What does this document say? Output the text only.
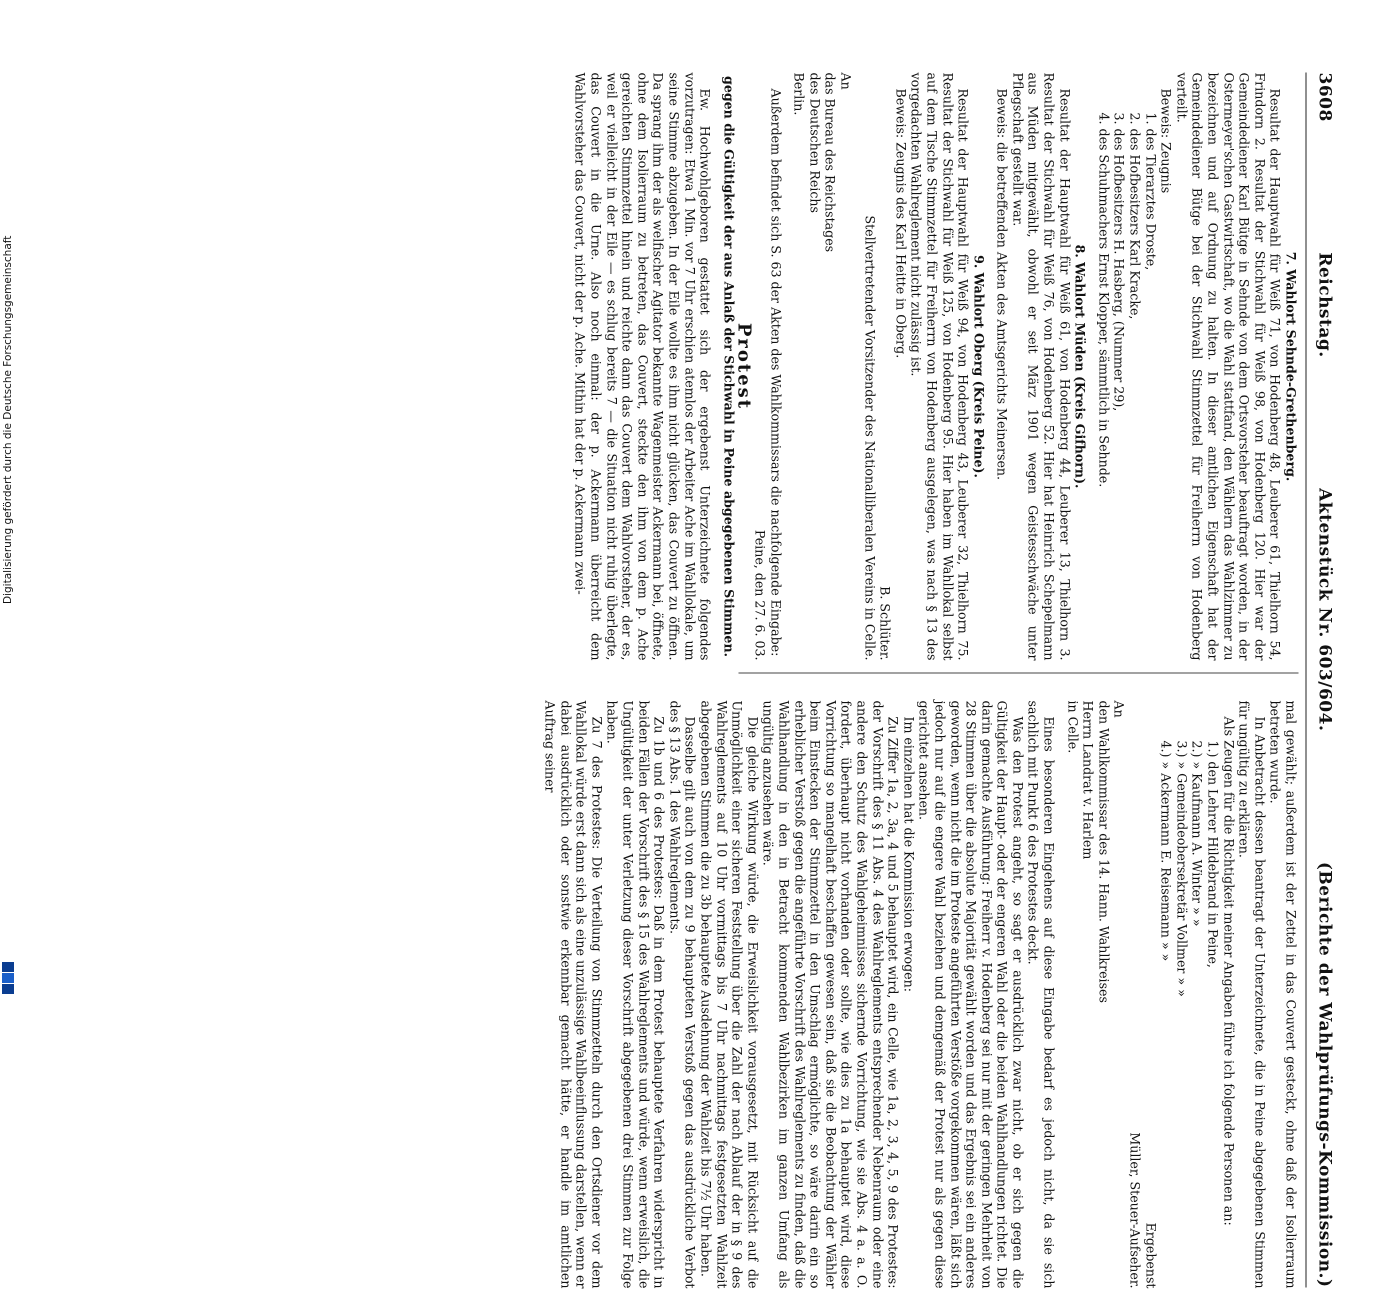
3608
Reichstag.
Aktenstück Nr. 603/604.
(Berichte der Wahlprüfungs-Kommission.)

7. Wahlort Sehnde-Grethenberg.

Resultat der Hauptwahl für Weiß 71, von Hodenberg 48, Leuberer 61, Thielhorn 54, Frindorn 2. Resultat der Stichwahl für Weiß 98, von Hodenberg 120. Hier war der Gemeindediener Karl Bütge in Sehnde von dem Ortsvorsteher beauftragt worden, in der Ostermeyer'schen Gastwirtschaft, wo die Wahl stattfand, den Wählern das Wahlzimmer zu bezeichnen und auf Ordnung zu halten. In dieser amtlichen Eigenschaft hat der Gemeindediener Bütge bei der Stichwahl Stimmzettel für Freiherrn von Hodenberg verteilt.

Beweis: Zeugnis

1. des Tierarztes Droste,

2. des Hofbesitzers Karl Kracke,

3. des Hofbesitzers H. Hasberg, (Nummer 29),

4. des Schuhmachers Ernst Klopper, sämmtlich in Sehnde.

8. Wahlort Müden (Kreis Gifhorn).

Resultat der Hauptwahl für Weiß 61, von Hodenberg 44, Leuberer 13, Thielhorn 3. Resultat der Stichwahl für Weiß 76, von Hodenberg 52. Hier hat Heinrich Schepelmann aus Müden mitgewählt, obwohl er seit März 1901 wegen Geistesschwäche unter Pflegschaft gestellt war.

Beweis: die betreffenden Akten des Amtsgerichts Meinersen.

9. Wahlort Oberg (Kreis Peine).

Resultat der Hauptwahl für Weiß 94, von Hodenberg 43, Leuberer 32, Thielhorn 75. Resultat der Stichwahl für Weiß 125, von Hodenberg 95. Hier haben im Wahllokal selbst auf dem Tische Stimmzettel für Freiherrn von Hodenberg ausgelegen, was nach § 13 des vorgedachten Wahlreglement nicht zulässig ist.

Beweis: Zeugnis des Karl Heitte in Oberg.

B. Schlüter.

Stellvertretender Vorsitzender des Nationalliberalen Vereins in Celle.

An

das Bureau des Reichstages

des Deutschen Reichs

Berlin.

Außerdem befindet sich S. 63 der Akten des Wahlkommissars die nachfolgende Eingabe:

Peine, den 27. 6. 03.

Protest

gegen die Gültigkeit der aus Anlaß der Stichwahl in Peine abgegebenen Stimmen.

Ew. Hochwohlgeboren gestattet sich der ergebenst Unterzeichnete folgendes vorzutragen: Etwa 1 Min. vor 7 Uhr erschien atemlos der Arbeiter Ache im Wahllokale, um seine Stimme abzugeben. In der Eile wollte es ihm nicht glücken, das Couvert zu öffnen. Da sprang ihm der als welfischer Agitator bekannte Wagenmeister Ackermann bei, öffnete, ohne dem Isolierraum zu betreten, das Couvert, steckte den ihm von dem p. Ache gereichten Stimmzettel hinein und reichte dann das Couvert dem Wahlvorsteher, der es, weil er vielleicht in der Eile — es schlug bereits 7 — die Situation nicht ruhig überlegte, das Couvert in die Urne. Also noch einmal: der p. Ackermann überreicht dem Wahlvorsteher das Couvert, nicht der p. Ache. Mithin hat der p. Ackermann zwei-

mal gewählt; außerdem ist der Zettel in das Couvert gesteckt, ohne daß der Isolierraum betreten wurde.

In Anbetracht dessen beantragt der Unterzeichnete, die in Peine abgegebenen Stimmen für ungültig zu erklären.

Als Zeugen für die Richtigkeit meiner Angaben führe ich folgende Personen an:

1.) den Lehrer Hildebrand in Peine,

2.) » Kaufmann A. Winter » »

3.) » Gemeindeobersekretär Vollmer » »

4.) » Ackermann E. Reisemann » »

Ergebenst

Müller, Steuer-Aufseher.

An

den Wahlkommissar des 14. Hann. Wahlkreises

Herrn Landrat v. Harlem

in Celle.

Eines besonderen Eingehens auf diese Eingabe bedarf es jedoch nicht, da sie sich sachlich mit Punkt 6 des Protestes deckt.

Was den Protest angeht, so sagt er ausdrücklich zwar nicht, ob er sich gegen die Gültigkeit der Haupt- oder der engeren Wahl oder die beiden Wahlhandlungen richtet. Die darin gemachte Ausführung: Freiherr v. Hodenberg sei nur mit der geringen Mehrheit von 28 Stimmen über die absolute Majorität gewählt worden und das Ergebnis sei ein anderes geworden, wenn nicht die im Proteste angeführten Verstöße vorgekommen wären, läßt sich jedoch nur auf die engere Wahl beziehen und demgemäß der Protest nur als gegen diese gerichtet ansehen.

Im einzelnen hat die Kommission erwogen:

Zu Ziffer 1a, 2, 3a, 4 und 5 behauptet wird, ein Celle, wie 1a, 2, 3, 4, 5, 9 des Protestes: der Vorschrift des § 11 Abs. 4 des Wahlreglements entsprechender Nebenraum oder eine andere den Schutz des Wahlgeheimnisses sichernde Vorrichtung, wie sie Abs. 4 a. a. O. fordert, überhaupt nicht vorhanden oder sollte, wie dies zu 1a behauptet wird, diese Vorrichtung so mangelhaft beschaffen gewesen sein, daß sie die Beobachtung der Wähler beim Einstecken der Stimmzettel in den Umschlag ermöglichte, so wäre darin ein so erheblicher Verstoß gegen die angeführte Vorschrift des Wahlreglements zu finden, daß die Wahlhandlung in den in Betracht kommenden Wahlbezirken im ganzen Umfang als ungültig anzusehen wäre.

Die gleiche Wirkung würde, die Erweislichkeit vorausgesetzt, mit Rücksicht auf die Unmöglichkeit einer sicheren Feststellung über die Zahl der nach Ablauf der in § 9 des Wahlreglements auf 10 Uhr vormittags bis 7 Uhr nachmittags festgesetzten Wahlzeit abgegebenen Stimmen die zu 3b behauptete Ausdehnung der Wahlzeit bis 7½ Uhr haben.

Dasselbe gilt auch von dem zu 9 behaupteten Verstoß gegen das ausdrückliche Verbot des § 13 Abs. 1 des Wahlreglements.

Zu 1b und 6 des Protestes: Daß in dem Protest behauptete Verfahren widerspricht in beiden Fällen der Vorschrift des § 15 des Wahlreglements und würde, wenn erweislich, die Ungültigkeit der unter Verletzung dieser Vorschrift abgegebenen drei Stimmen zur Folge haben.

Zu 7 des Protestes: Die Verteilung von Stimmzetteln durch den Ortsdiener vor dem Wahllokal würde erst dann sich als eine unzulässige Wahlbeeinflussung darstellen, wenn er dabei ausdrücklich oder sonstwie erkennbar gemacht hätte, er handle im amtlichen Auftrag seiner

Digitalisierung gefördert durch die Deutsche Forschungsgemeinschaft
